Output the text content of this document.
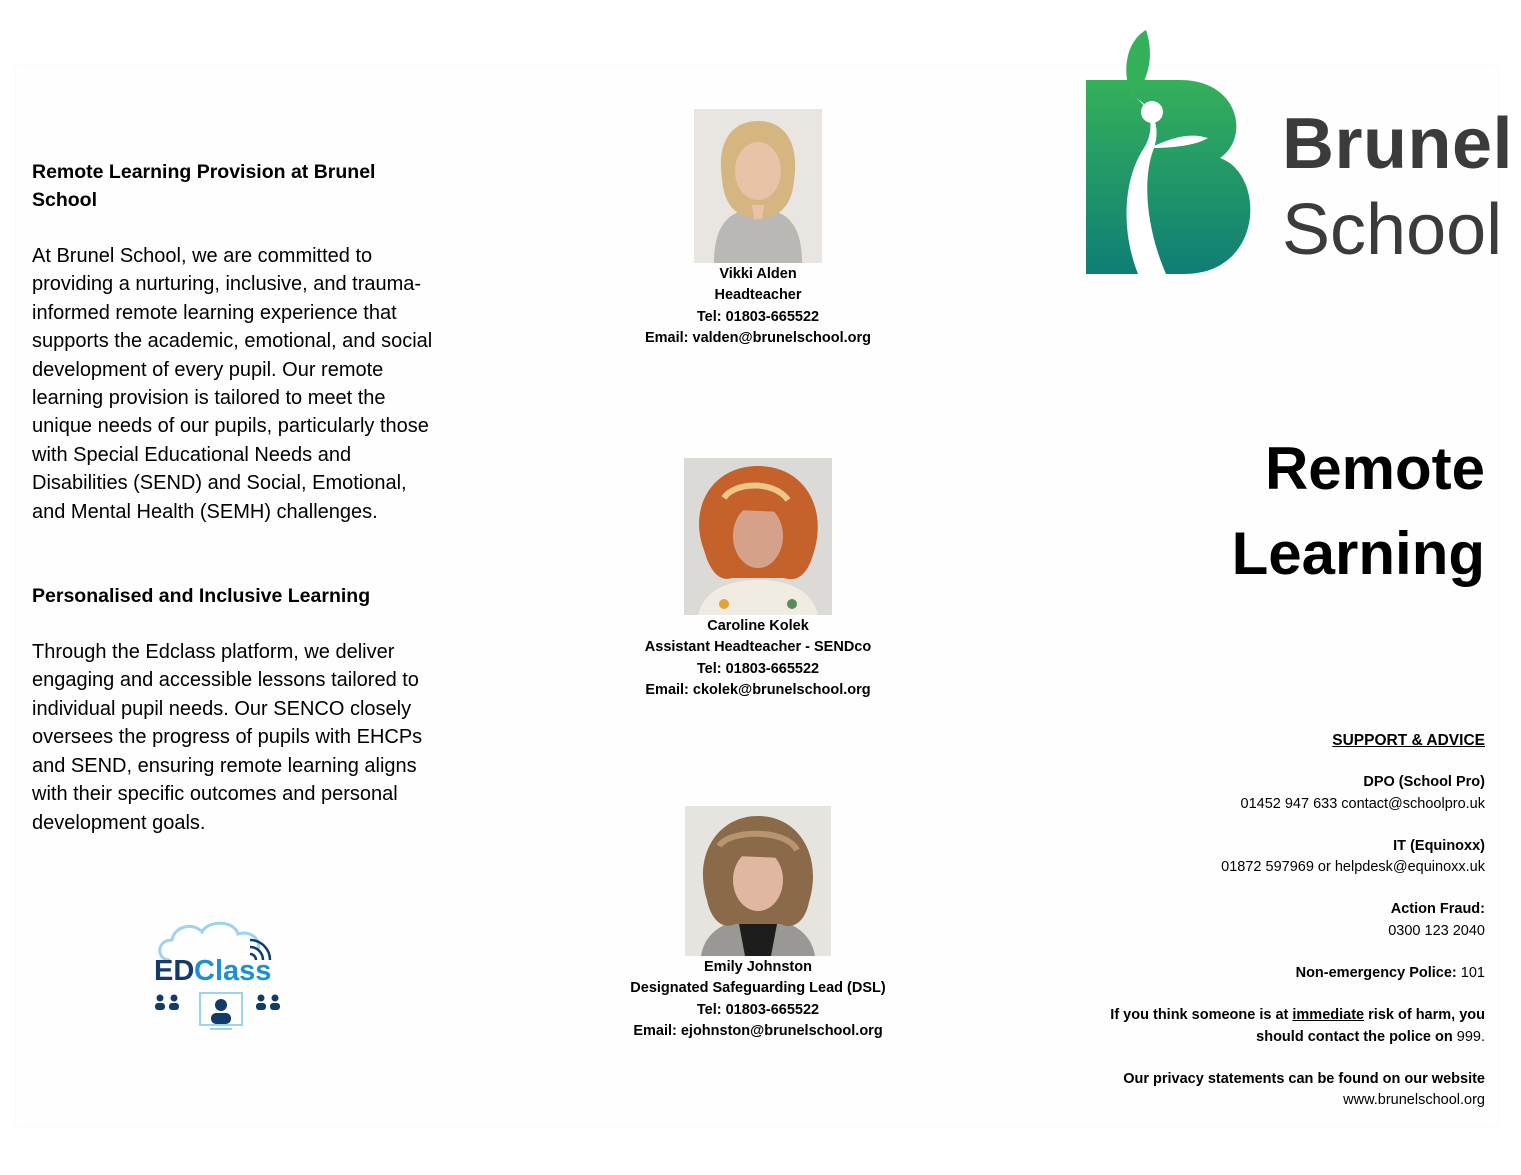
Remote Learning Provision at Brunel School

At Brunel School, we are committed to providing a nurturing, inclusive, and trauma-informed remote learning experience that supports the academic, emotional, and social development of every pupil. Our remote learning provision is tailored to meet the unique needs of our pupils, particularly those with Special Educational Needs and Disabilities (SEND) and Social, Emotional, and Mental Health (SEMH) challenges.

Personalised and Inclusive Learning

Through the Edclass platform, we deliver engaging and accessible lessons tailored to individual pupil needs. Our SENCO closely oversees the progress of pupils with EHCPs and SEND, ensuring remote learning aligns with their specific outcomes and personal development goals.

ED Class
Vikki Alden
Headteacher
Tel: 01803-665522
Email: valden@brunelschool.org
Caroline Kolek
Assistant Headteacher - SENDco
Tel: 01803-665522
Email: ckolek@brunelschool.org
Emily Johnston
Designated Safeguarding Lead (DSL)
Tel: 01803-665522
Email: ejohnston@brunelschool.org
Brunel
School
Remote
Learning
SUPPORT & ADVICE
DPO (School Pro)
01452 947 633 contact@schoolpro.uk
IT (Equinoxx)
01872 597969 or helpdesk@equinoxx.uk
Action Fraud:
0300 123 2040
Non-emergency Police: 101
If you think someone is at immediate risk of harm, you
should contact the police on 999.
Our privacy statements can be found on our website
www.brunelschool.org
